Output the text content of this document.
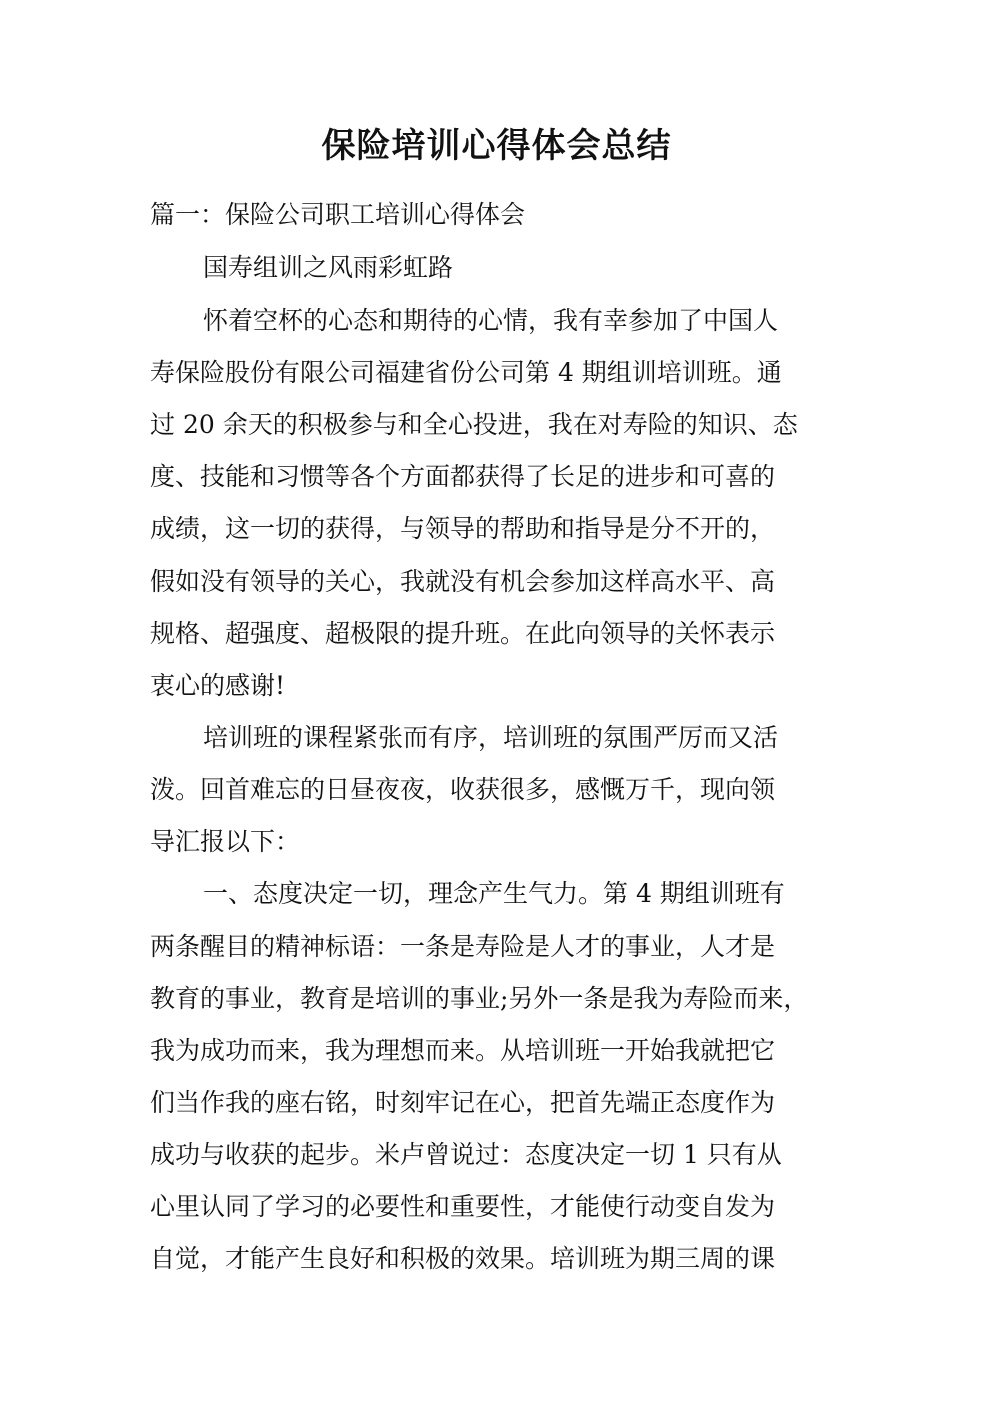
保险培训心得体会总结

篇一：保险公司职工培训心得体会

国寿组训之风雨彩虹路

怀着空杯的心态和期待的心情，我有幸参加了中国人

寿保险股份有限公司福建省份公司第 4 期组训培训班。通

过 20 余天的积极参与和全心投进，我在对寿险的知识、态

度、技能和习惯等各个方面都获得了长足的进步和可喜的

成绩，这一切的获得，与领导的帮助和指导是分不开的，

假如没有领导的关心，我就没有机会参加这样高水平、高

规格、超强度、超极限的提升班。在此向领导的关怀表示

衷心的感谢!

培训班的课程紧张而有序，培训班的氛围严厉而又活

泼。回首难忘的日昼夜夜，收获很多，感慨万千，现向领

导汇报以下：

一、态度决定一切，理念产生气力。第 4 期组训班有

两条醒目的精神标语：一条是寿险是人才的事业，人才是

教育的事业，教育是培训的事业;另外一条是我为寿险而来，

我为成功而来，我为理想而来。从培训班一开始我就把它

们当作我的座右铭，时刻牢记在心，把首先端正态度作为

成功与收获的起步。米卢曾说过：态度决定一切 1 只有从

心里认同了学习的必要性和重要性，才能使行动变自发为

自觉，才能产生良好和积极的效果。培训班为期三周的课
